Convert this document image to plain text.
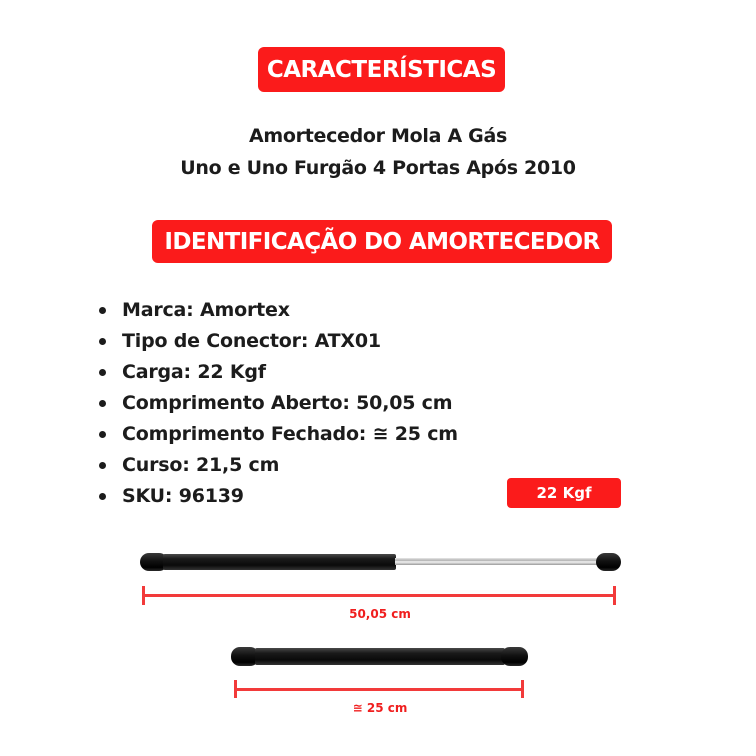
CARACTERÍSTICAS
Amortecedor Mola A Gás
Uno e Uno Furgão 4 Portas Após 2010
IDENTIFICAÇÃO DO AMORTECEDOR
Marca: Amortex
Tipo de Conector: ATX01
Carga: 22 Kgf
Comprimento Aberto: 50,05 cm
Comprimento Fechado: ≅ 25 cm
Curso: 21,5 cm
SKU: 96139	22 Kgf
50,05 cm
≅ 25 cm
